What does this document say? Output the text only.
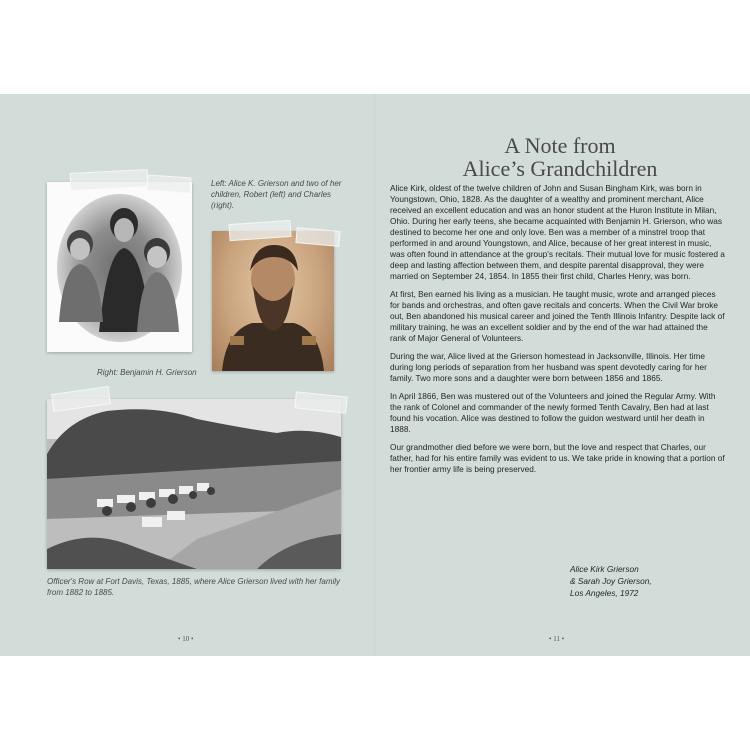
Left: Alice K. Grierson and two of her children, Robert (left) and Charles (right).

Right: Benjamin H. Grierson

Officer's Row at Fort Davis, Texas, 1885, where Alice Grierson lived with her family from 1882 to 1885.

• 10 •
A Note from
Alice’s Grandchildren

Alice Kirk, oldest of the twelve children of John and Susan Bingham Kirk, was born in Youngstown, Ohio, 1828. As the daughter of a wealthy and prominent merchant, Alice received an excellent education and was an honor student at the Huron Institute in Milan, Ohio. During her early teens, she became acquainted with Benjamin H. Grierson, who was destined to become her one and only love. Ben was a member of a minstrel troop that performed in and around Youngstown, and Alice, because of her great interest in music, was often found in attendance at the group's recitals. Their mutual love for music fostered a deep and lasting affection between them, and despite parental disapproval, they were married on September 24, 1854. In 1855 their first child, Charles Henry, was born.

At first, Ben earned his living as a musician. He taught music, wrote and arranged pieces for bands and orchestras, and often gave recitals and concerts. When the Civil War broke out, Ben abandoned his musical career and joined the Tenth Illinois Infantry. Despite lack of military training, he was an excellent soldier and by the end of the war had attained the rank of Major General of Volunteers.

During the war, Alice lived at the Grierson homestead in Jacksonville, Illinois. Her time during long periods of separation from her husband was spent devotedly caring for her family. Two more sons and a daughter were born between 1856 and 1865.

In April 1866, Ben was mustered out of the Volunteers and joined the Regular Army. With the rank of Colonel and commander of the newly formed Tenth Cavalry, Ben had at last found his vocation. Alice was destined to follow the guidon westward until her death in 1888.

Our grandmother died before we were born, but the love and respect that Charles, our father, had for his entire family was evident to us. We take pride in knowing that a portion of her frontier army life is being preserved.

Alice Kirk Grierson
& Sarah Joy Grierson,
Los Angeles, 1972
• 11 •
